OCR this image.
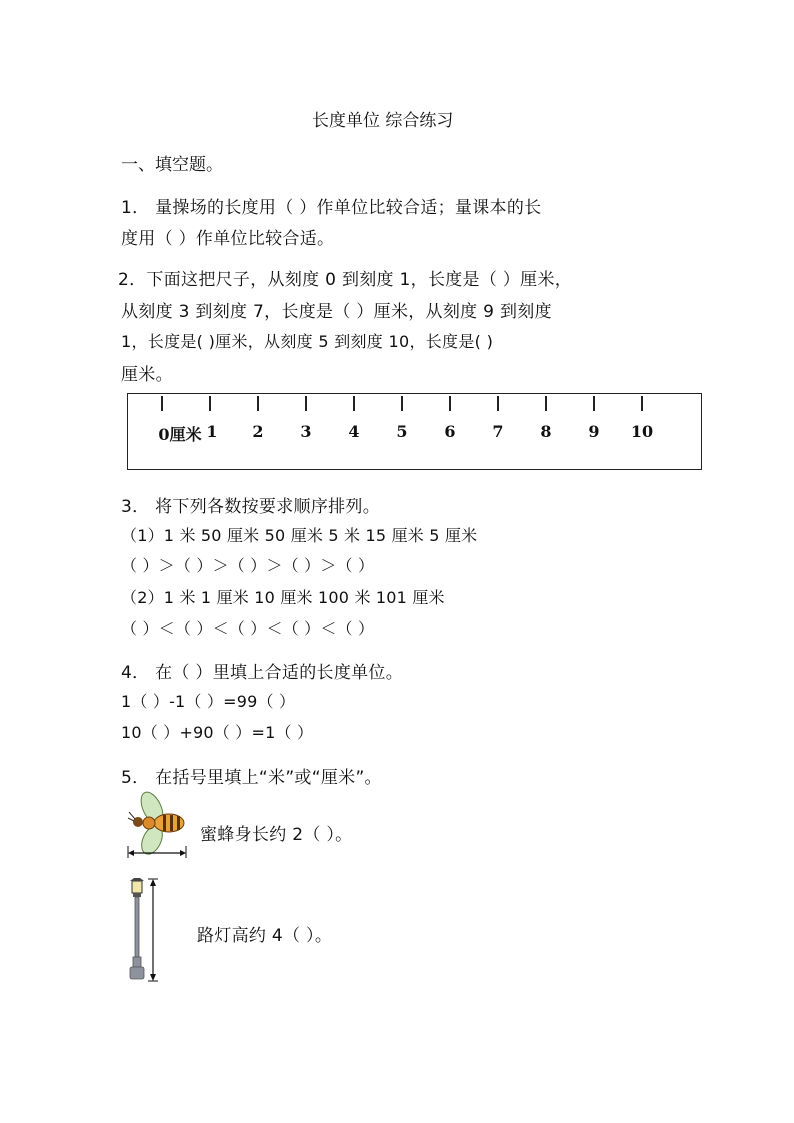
长度单位 综合练习
一、填空题。
1． 量操场的长度用（ ）作单位比较合适；量课本的长
度用（ ）作单位比较合适。
2．下面这把尺子，从刻度 0 到刻度 1，长度是（ ）厘米，
从刻度 3 到刻度 7，长度是（ ）厘米，从刻度 9 到刻度
1，长度是( )厘米，从刻度 5 到刻度 10，长度是( )
厘米。
0厘米 1 2 3 4 5 6 7 8 9 10
3． 将下列各数按要求顺序排列。
（1）1 米 50 厘米 50 厘米 5 米 15 厘米 5 厘米
（ ）＞（ ）＞（ ）＞（ ）＞（ ）
（2）1 米 1 厘米 10 厘米 100 米 101 厘米
（ ）＜（ ）＜（ ）＜（ ）＜（ ）
4． 在（ ）里填上合适的长度单位。
1（ ）-1（ ）=99（ ）
10（ ）+90（ ）=1（ ）
5． 在括号里填上“米”或“厘米”。
蜜蜂身长约 2（ ）。
路灯高约 4（ ）。
